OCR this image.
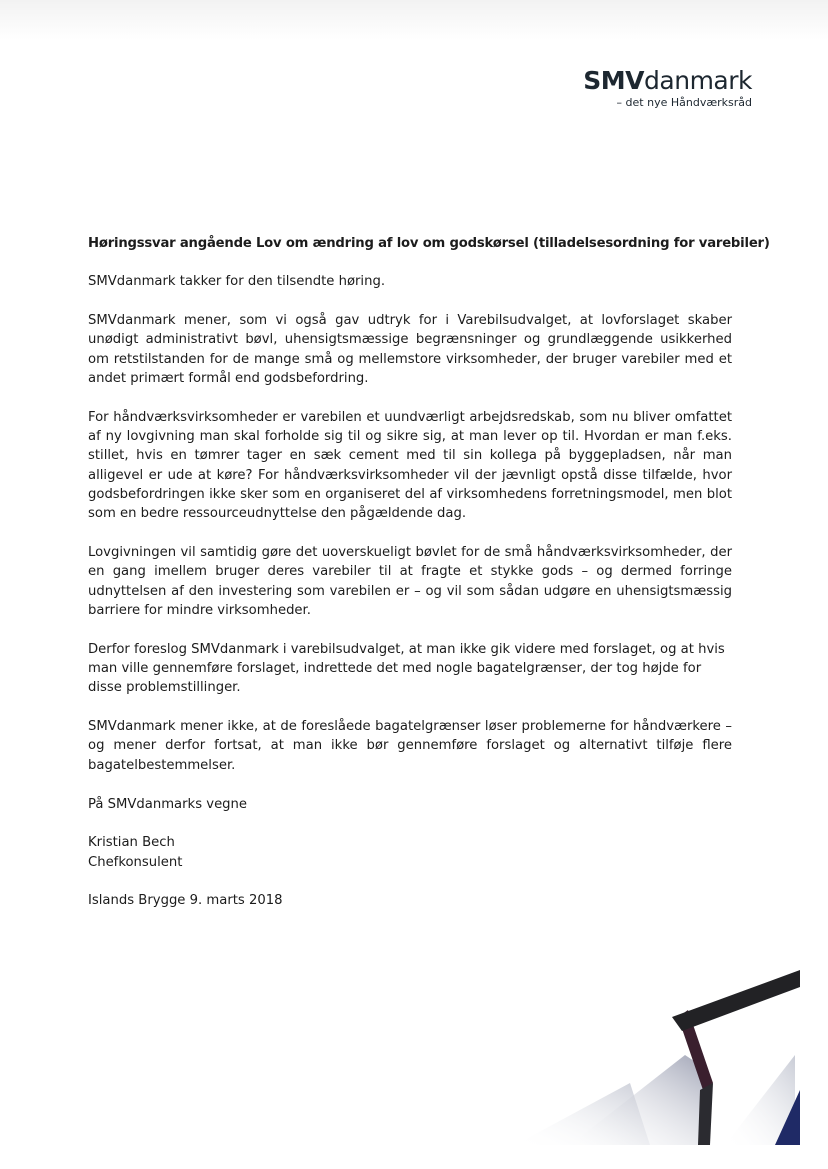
SMVdanmark
– det nye Håndværksråd

Høringssvar angående Lov om ændring af lov om godskørsel (tilladelsesordning for varebiler)

SMVdanmark takker for den tilsendte høring.

SMVdanmark mener, som vi også gav udtryk for i Varebilsudvalget, at lovforslaget skaber unødigt administrativt bøvl, uhensigtsmæssige begrænsninger og grundlæggende usikkerhed om retstilstanden for de mange små og mellemstore virksomheder, der bruger varebiler med et andet primært formål end godsbefordring.

For håndværksvirksomheder er varebilen et uundværligt arbejdsredskab, som nu bliver omfattet af ny lovgivning man skal forholde sig til og sikre sig, at man lever op til. Hvordan er man f.eks. stillet, hvis en tømrer tager en sæk cement med til sin kollega på byggepladsen, når man alligevel er ude at køre? For håndværksvirksomheder vil der jævnligt opstå disse tilfælde, hvor godsbefordringen ikke sker som en organiseret del af virksomhedens forretningsmodel, men blot som en bedre ressourceudnyttelse den pågældende dag.

Lovgivningen vil samtidig gøre det uoverskueligt bøvlet for de små håndværksvirksomheder, der en gang imellem bruger deres varebiler til at fragte et stykke gods – og dermed forringe udnyttelsen af den investering som varebilen er – og vil som sådan udgøre en uhensigtsmæssig barriere for mindre virksomheder.

Derfor foreslog SMVdanmark i varebilsudvalget, at man ikke gik videre med forslaget, og at hvis man ville gennemføre forslaget, indrettede det med nogle bagatelgrænser, der tog højde for disse problemstillinger.

SMVdanmark mener ikke, at de foreslåede bagatelgrænser løser problemerne for håndværkere – og mener derfor fortsat, at man ikke bør gennemføre forslaget og alternativt tilføje flere bagatelbestemmelser.

På SMVdanmarks vegne

Kristian Bech

Chefkonsulent

Islands Brygge 9. marts 2018
